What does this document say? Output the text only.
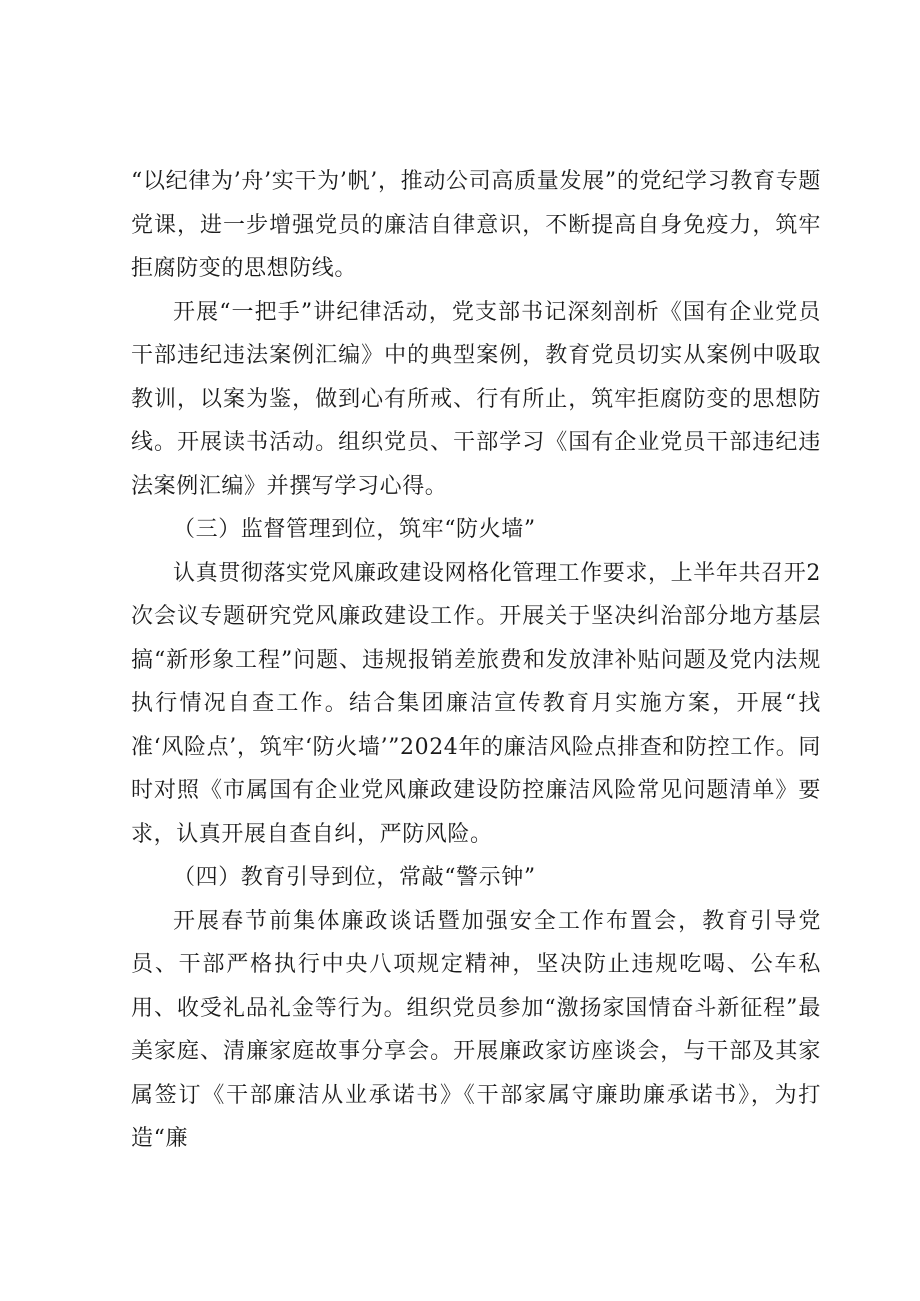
“以纪律为’舟’实干为’帆’，推动公司高质量发展”的党纪学习教育专题党课，进一步增强党员的廉洁自律意识，不断提高自身免疫力，筑牢拒腐防变的思想防线。

开展“一把手”讲纪律活动，党支部书记深刻剖析《国有企业党员干部违纪违法案例汇编》中的典型案例，教育党员切实从案例中吸取教训，以案为鉴，做到心有所戒、行有所止，筑牢拒腐防变的思想防线。开展读书活动。组织党员、干部学习《国有企业党员干部违纪违法案例汇编》并撰写学习心得。

（三）监督管理到位，筑牢“防火墙”

认真贯彻落实党风廉政建设网格化管理工作要求，上半年共召开2次会议专题研究党风廉政建设工作。开展关于坚决纠治部分地方基层搞“新形象工程”问题、违规报销差旅费和发放津补贴问题及党内法规执行情况自查工作。结合集团廉洁宣传教育月实施方案，开展“找准‘风险点’，筑牢‘防火墙’”2024年的廉洁风险点排查和防控工作。同时对照《市属国有企业党风廉政建设防控廉洁风险常见问题清单》要求，认真开展自查自纠，严防风险。

（四）教育引导到位，常敲“警示钟”

开展春节前集体廉政谈话暨加强安全工作布置会，教育引导党员、干部严格执行中央八项规定精神，坚决防止违规吃喝、公车私用、收受礼品礼金等行为。组织党员参加“激扬家国情奋斗新征程”最美家庭、清廉家庭故事分享会。开展廉政家访座谈会，与干部及其家属签订《干部廉洁从业承诺书》《干部家属守廉助廉承诺书》，为打造“廉
